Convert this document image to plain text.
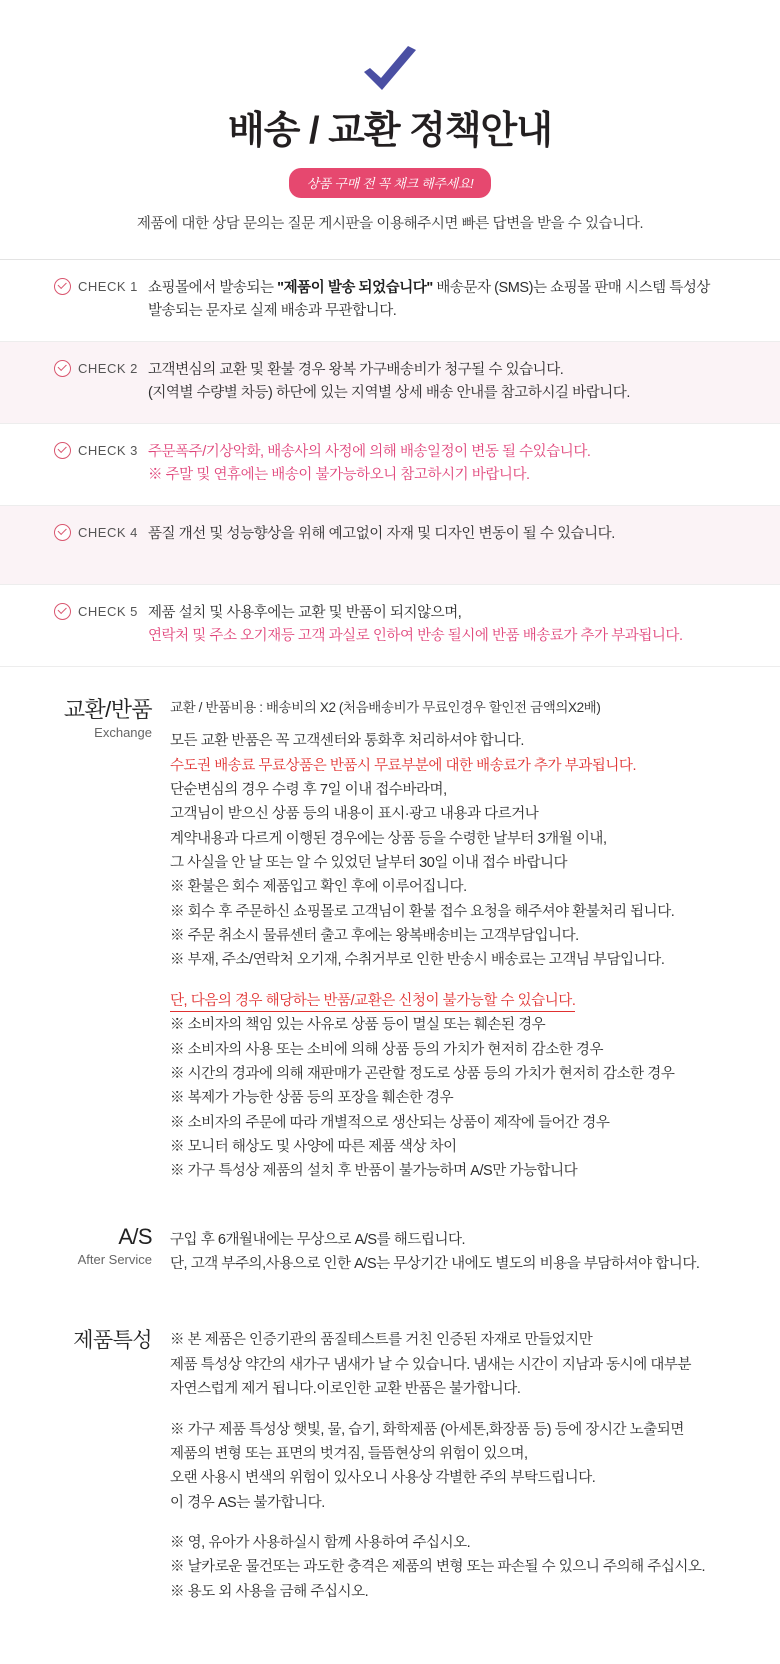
배송 / 교환 정책안내
상품 구매 전 꼭 채크 해주세요!

제품에 대한 상담 문의는 질문 게시판을 이용해주시면 빠른 답변을 받을 수 있습니다.

CHECK 1 쇼핑몰에서 발송되는 "제품이 발송 되었습니다" 배송문자 (SMS)는 쇼핑몰 판매 시스템 특성상
발송되는 문자로 실제 배송과 무관합니다.
CHECK 2 고객변심의 교환 및 환불 경우 왕복 가구배송비가 청구될 수 있습니다.
(지역별 수량별 차등) 하단에 있는 지역별 상세 배송 안내를 참고하시길 바랍니다.
CHECK 3 주문폭주/기상악화, 배송사의 사정에 의해 배송일정이 변동 될 수있습니다.
※ 주말 및 연휴에는 배송이 불가능하오니 참고하시기 바랍니다.
CHECK 4 품질 개선 및 성능향상을 위해 예고없이 자재 및 디자인 변동이 될 수 있습니다.
CHECK 5 제품 설치 및 사용후에는 교환 및 반품이 되지않으며,
연락처 및 주소 오기재등 고객 과실로 인하여 반송 될시에 반품 배송료가 추가 부과됩니다.
교환/반품
Exchange
교환 / 반품비용 : 배송비의 X2 (처음배송비가 무료인경우 할인전 금액의X2배)
모든 교환 반품은 꼭 고객센터와 통화후 처리하셔야 합니다.
수도권 배송료 무료상품은 반품시 무료부분에 대한 배송료가 추가 부과됩니다.
단순변심의 경우 수령 후 7일 이내 접수바라며,
고객님이 받으신 상품 등의 내용이 표시·광고 내용과 다르거나
계약내용과 다르게 이행된 경우에는 상품 등을 수령한 날부터 3개월 이내,
그 사실을 안 날 또는 알 수 있었던 날부터 30일 이내 접수 바랍니다
※ 환불은 회수 제품입고 확인 후에 이루어집니다.
※ 회수 후 주문하신 쇼핑몰로 고객님이 환불 접수 요청을 해주셔야 환불처리 됩니다.
※ 주문 취소시 물류센터 출고 후에는 왕복배송비는 고객부담입니다.
※ 부재, 주소/연락처 오기재, 수취거부로 인한 반송시 배송료는 고객님 부담입니다.
단, 다음의 경우 해당하는 반품/교환은 신청이 불가능할 수 있습니다.
※ 소비자의 책임 있는 사유로 상품 등이 멸실 또는 훼손된 경우
※ 소비자의 사용 또는 소비에 의해 상품 등의 가치가 현저히 감소한 경우
※ 시간의 경과에 의해 재판매가 곤란할 정도로 상품 등의 가치가 현저히 감소한 경우
※ 복제가 가능한 상품 등의 포장을 훼손한 경우
※ 소비자의 주문에 따라 개별적으로 생산되는 상품이 제작에 들어간 경우
※ 모니터 해상도 및 사양에 따른 제품 색상 차이
※ 가구 특성상 제품의 설치 후 반품이 불가능하며 A/S만 가능합니다
A/S
After Service
구입 후 6개월내에는 무상으로 A/S를 해드립니다.
단, 고객 부주의,사용으로 인한 A/S는 무상기간 내에도 별도의 비용을 부담하셔야 합니다.
제품특성 ※ 본 제품은 인증기관의 품질테스트를 거친 인증된 자재로 만들었지만
제품 특성상 약간의 새가구 냄새가 날 수 있습니다. 냄새는 시간이 지남과 동시에 대부분
자연스럽게 제거 됩니다.이로인한 교환 반품은 불가합니다.
※ 가구 제품 특성상 햇빛, 물, 습기, 화학제품 (아세톤,화장품 등) 등에 장시간 노출되면
제품의 변형 또는 표면의 벗겨짐, 들뜸현상의 위험이 있으며,
오랜 사용시 변색의 위험이 있사오니 사용상 각별한 주의 부탁드립니다.
이 경우 AS는 불가합니다.
※ 영, 유아가 사용하실시 함께 사용하여 주십시오.
※ 날카로운 물건또는 과도한 충격은 제품의 변형 또는 파손될 수 있으니 주의해 주십시오.
※ 용도 외 사용을 금해 주십시오.
